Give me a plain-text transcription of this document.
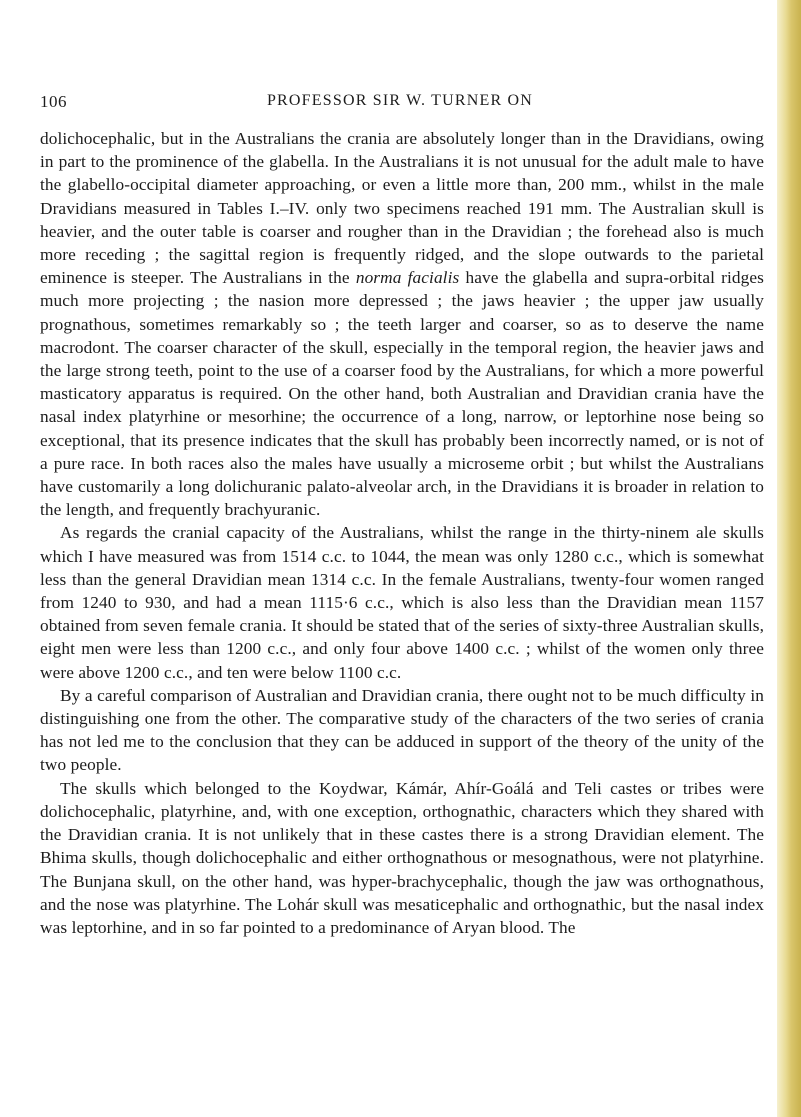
106	PROFESSOR SIR W. TURNER ON

dolichocephalic, but in the Australians the crania are absolutely longer than in the Dravidians, owing in part to the prominence of the glabella. In the Australians it is not unusual for the adult male to have the glabello-occipital diameter approaching, or even a little more than, 200 mm., whilst in the male Dravidians measured in Tables I.–IV. only two specimens reached 191 mm. The Australian skull is heavier, and the outer table is coarser and rougher than in the Dravidian ; the forehead also is much more receding ; the sagittal region is frequently ridged, and the slope outwards to the parietal eminence is steeper. The Australians in the norma facialis have the glabella and supra-orbital ridges much more projecting ; the nasion more depressed ; the jaws heavier ; the upper jaw usually prognathous, sometimes remarkably so ; the teeth larger and coarser, so as to deserve the name macrodont. The coarser character of the skull, especially in the temporal region, the heavier jaws and the large strong teeth, point to the use of a coarser food by the Australians, for which a more powerful masticatory apparatus is required. On the other hand, both Australian and Dravidian crania have the nasal index platyrhine or mesorhine; the occurrence of a long, narrow, or leptorhine nose being so exceptional, that its presence indicates that the skull has probably been incorrectly named, or is not of a pure race. In both races also the males have usually a microseme orbit ; but whilst the Australians have customarily a long dolichuranic palato-alveolar arch, in the Dravidians it is broader in relation to the length, and frequently brachyuranic.

As regards the cranial capacity of the Australians, whilst the range in the thirty-ninem ale skulls which I have measured was from 1514 c.c. to 1044, the mean was only 1280 c.c., which is somewhat less than the general Dravidian mean 1314 c.c. In the female Australians, twenty-four women ranged from 1240 to 930, and had a mean 1115·6 c.c., which is also less than the Dravidian mean 1157 obtained from seven female crania. It should be stated that of the series of sixty-three Australian skulls, eight men were less than 1200 c.c., and only four above 1400 c.c. ; whilst of the women only three were above 1200 c.c., and ten were below 1100 c.c.

By a careful comparison of Australian and Dravidian crania, there ought not to be much difficulty in distinguishing one from the other. The comparative study of the characters of the two series of crania has not led me to the conclusion that they can be adduced in support of the theory of the unity of the two people.

The skulls which belonged to the Koydwar, Kámár, Ahír-Goálá and Teli castes or tribes were dolichocephalic, platyrhine, and, with one exception, orthognathic, characters which they shared with the Dravidian crania. It is not unlikely that in these castes there is a strong Dravidian element. The Bhima skulls, though dolichocephalic and either orthognathous or mesognathous, were not platyrhine. The Bunjana skull, on the other hand, was hyper-brachycephalic, though the jaw was orthognathous, and the nose was platyrhine. The Lohár skull was mesaticephalic and orthognathic, but the nasal index was leptorhine, and in so far pointed to a predominance of Aryan blood. The
